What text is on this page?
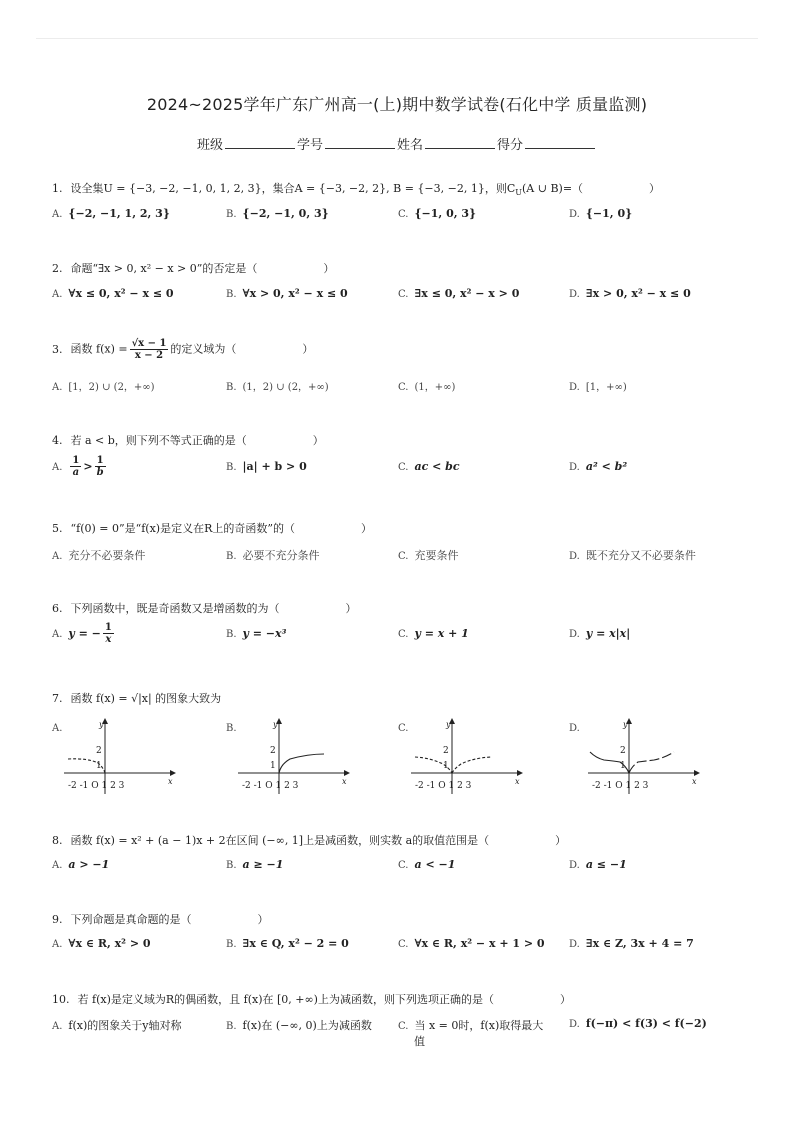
2024~2025学年广东广州高一(上)期中数学试卷(石化中学 质量监测)
班级	学号	姓名	得分
1. 设全集U = {−3, −2, −1, 0, 1, 2, 3}，集合A = {−3, −2, 2}, B = {−3, −2, 1}，则$C_U(A$ ∪ B)=（　　　　　　）
A. {−2, −1, 1, 2, 3}	B. {−2, −1, 0, 3}	C. {−1, 0, 3}	D. {−1, 0}
2. 命题“∃x > 0, x² − x > 0”的否定是（　　　　　　）
A. ∀x ≤ 0, x² − x ≤ 0	B. ∀x > 0, x² − x ≤ 0	C. ∃x ≤ 0, x² − x > 0	D. ∃x > 0, x² − x ≤ 0
3. 函数 $f(x) = \frac{√x - 1}{x - 2}$ 的定义域为（　　　　　　）
A. [1，2) ∪ (2，+∞)	B. (1，2) ∪ (2，+∞)	C. (1，+∞)	D. [1，+∞)
4. 若 a < b，则下列不等式正确的是（　　　　　　）
A. $\frac{1}{a} > \frac{1}{b}$	B. |a| + b > 0	C. ac < bc	D. a² < b²
5. “f(0) = 0”是“f(x)是定义在R上的奇函数”的（　　　　　　）
A. 充分不必要条件	B. 必要不充分条件	C. 充要条件	D. 既不充分又不必要条件
6. 下列函数中，既是奇函数又是增函数的为（　　　　　　）
A. y = − $\frac{1}{x}$	B. y = −x³	C. y = x + 1	D. y = x|x|
7. 函数 f(x) = √|x| 的图象大致为
A.	B.	C.	D.
y
x
2
1
-2 -1 O 1 2 3
y
x
2
1
-2 -1 O 1 2 3
y
x
2
1
-2 -1 O 1 2 3
y
x
2
1
-2 -1 O 1 2 3
8. 函数 f(x) = x² + (a − 1)x + 2在区间 (−∞, 1]上是减函数，则实数 a的取值范围是（　　　　　　）
A. a > −1	B. a ≥ −1	C. a < −1	D. a ≤ −1
9. 下列命题是真命题的是（　　　　　　）
A. ∀x ∈ R, x² > 0	B. ∃x ∈ Q, x² − 2 = 0	C. ∀x ∈ R, x² − x + 1 > 0 D. ∃x ∈ Z, 3x + 4 = 7
10. 若 f(x)是定义域为R的偶函数，且 f(x)在 [0, +∞)上为减函数，则下列选项正确的是（　　　　　　）
A. f(x)的图象关于y轴对称	B. f(x)在 (−∞, 0)上为减函数	C. 当 x = 0时，f(x)取得最大
值
D. f(−π) < f(3) < f(−2)
